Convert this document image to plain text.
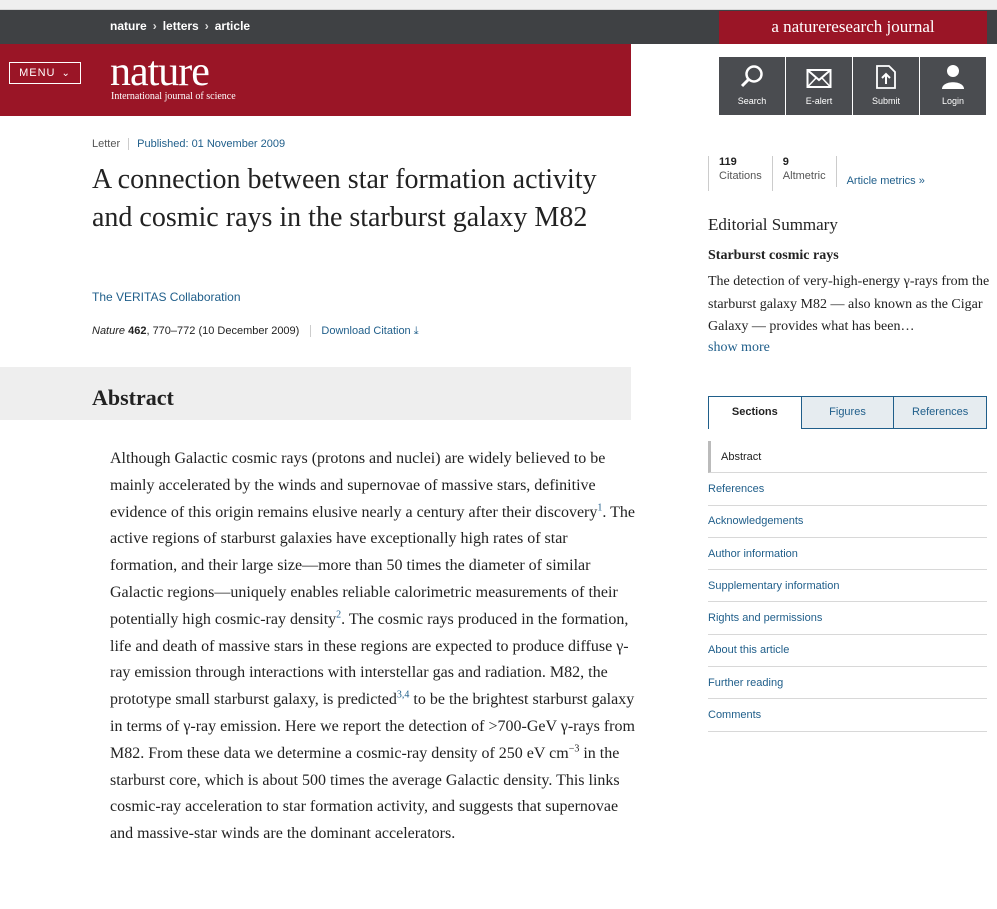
nature › letters › article	a natureresearch journal
MENU ⌄ nature
International journal of science	Search	E-alert	Submit	Login
Letter Published: 01 November 2009
A connection between star formation activity and cosmic rays in the starburst galaxy M82
The VERITAS Collaboration
Nature 462, 770–772 (10 December 2009) Download Citation ⤓
Abstract

Although Galactic cosmic rays (protons and nuclei) are widely believed to be mainly accelerated by the winds and supernovae of massive stars, definitive evidence of this origin remains elusive nearly a century after their discovery$^1$. The active regions of starburst galaxies have exceptionally high rates of star formation, and their large size—more than 50 times the diameter of similar Galactic regions—uniquely enables reliable calorimetric measurements of their potentially high cosmic-ray density$^2$. The cosmic rays produced in the formation, life and death of massive stars in these regions are expected to produce diffuse γ-ray emission through interactions with interstellar gas and radiation. M82, the prototype small starburst galaxy, is predicted$^{3,4}$ to be the brightest starburst galaxy in terms of γ-ray emission. Here we report the detection of >700-GeV γ-rays from M82. From these data we determine a cosmic-ray density of 250 eV $cm^{-3}$ in the starburst core, which is about 500 times the average Galactic density. This links cosmic-ray acceleration to star formation activity, and suggests that supernovae and massive-star winds are the dominant accelerators.

119
Citations
9
Altmetric	Article metrics »
Editorial Summary
Starburst cosmic rays

The detection of very-high-energy γ-rays from the starburst galaxy M82 — also known as the Cigar Galaxy — provides what has been…

show more
Sections	Figures	References
Abstract
References
Acknowledgements
Author information
Supplementary information
Rights and permissions
About this article
Further reading
Comments
